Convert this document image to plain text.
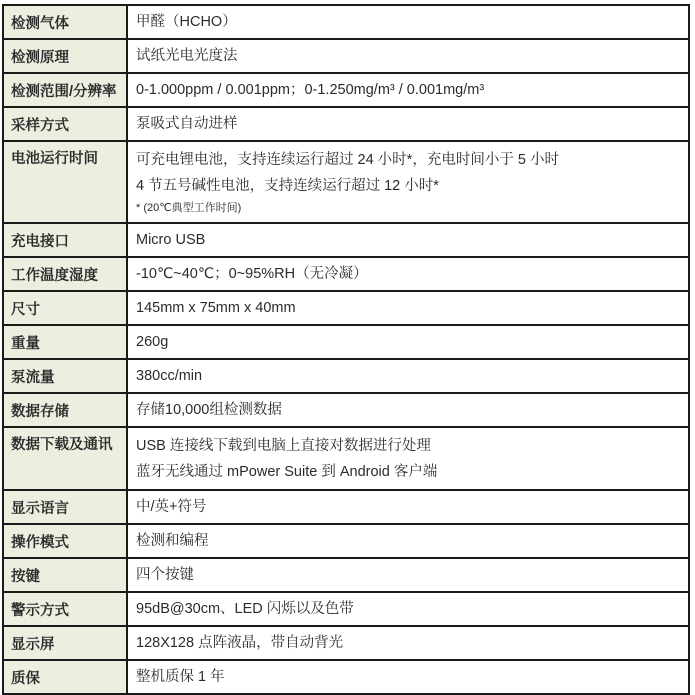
检测气体	甲醛（HCHO）

检测原理	试纸光电光度法

检测范围/分辨率	0-1.000ppm / 0.001ppm；0-1.250mg/m³ / 0.001mg/m³

采样方式	泵吸式自动进样

电池运行时间	可充电锂电池，支持连续运行超过 24 小时*，充电时间小于 5 小时
4 节五号碱性电池，支持连续运行超过 12 小时*
* (20℃典型工作时间)

充电接口	Micro USB

工作温度湿度	-10℃~40℃；0~95%RH（无冷凝）

尺寸	145mm x 75mm x 40mm

重量	260g

泵流量	380cc/min

数据存储	存储10,000组检测数据

数据下载及通讯	USB 连接线下载到电脑上直接对数据进行处理
蓝牙无线通过 mPower Suite 到 Android 客户端

显示语言	中/英+符号

操作模式	检测和编程

按键	四个按键

警示方式	95dB@30cm、LED 闪烁以及色带

显示屏	128X128 点阵液晶，带自动背光

质保	整机质保 1 年
